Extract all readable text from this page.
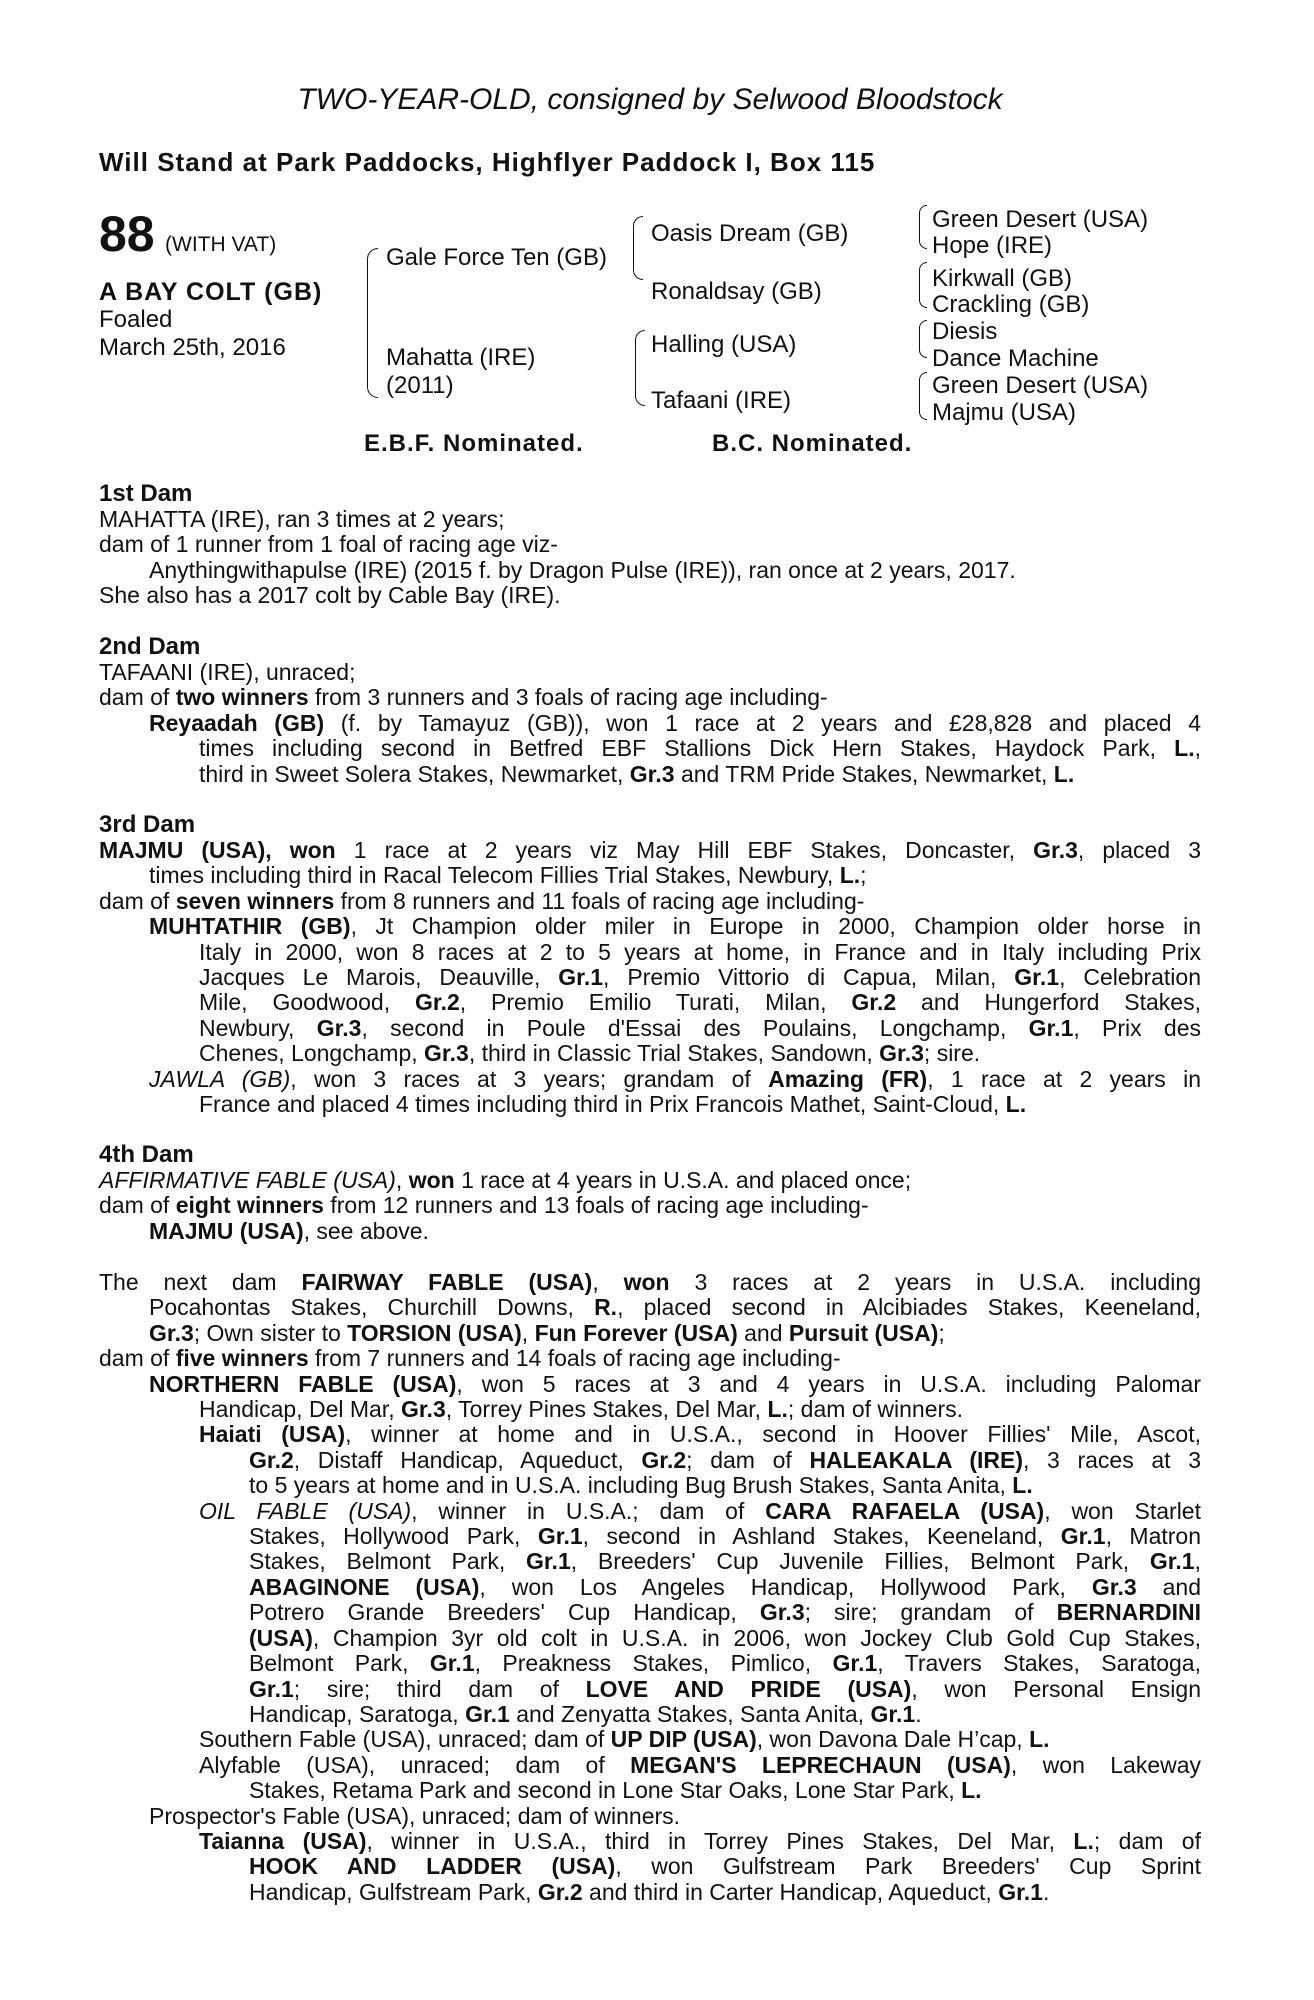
TWO-YEAR-OLD, consigned by Selwood Bloodstock
Will Stand at Park Paddocks, Highflyer Paddock I, Box 115
88 (WITH VAT)
A BAY COLT (GB)
Foaled
March 25th, 2016
Gale Force Ten (GB)
Mahatta (IRE)
(2011)
Oasis Dream (GB)
Ronaldsay (GB)
Halling (USA)
Tafaani (IRE)
Green Desert (USA)
Hope (IRE)
Kirkwall (GB)
Crackling (GB)
Diesis
Dance Machine
Green Desert (USA)
Majmu (USA)
E.B.F. Nominated.	B.C. Nominated.
1st Dam
MAHATTA (IRE), ran 3 times at 2 years;
dam of 1 runner from 1 foal of racing age viz-
Anythingwithapulse (IRE) (2015 f. by Dragon Pulse (IRE)), ran once at 2 years, 2017.
She also has a 2017 colt by Cable Bay (IRE).
2nd Dam
TAFAANI (IRE), unraced;
dam of two winners from 3 runners and 3 foals of racing age including-
Reyaadah (GB) (f. by Tamayuz (GB)), won 1 race at 2 years and £28,828 and placed 4
times including second in Betfred EBF Stallions Dick Hern Stakes, Haydock Park, L.,
third in Sweet Solera Stakes, Newmarket, Gr.3 and TRM Pride Stakes, Newmarket, L.
3rd Dam
MAJMU (USA), won 1 race at 2 years viz May Hill EBF Stakes, Doncaster, Gr.3, placed 3
times including third in Racal Telecom Fillies Trial Stakes, Newbury, L.;
dam of seven winners from 8 runners and 11 foals of racing age including-
MUHTATHIR (GB), Jt Champion older miler in Europe in 2000, Champion older horse in
Italy in 2000, won 8 races at 2 to 5 years at home, in France and in Italy including Prix
Jacques Le Marois, Deauville, Gr.1, Premio Vittorio di Capua, Milan, Gr.1, Celebration
Mile, Goodwood, Gr.2, Premio Emilio Turati, Milan, Gr.2 and Hungerford Stakes,
Newbury, Gr.3, second in Poule d'Essai des Poulains, Longchamp, Gr.1, Prix des
Chenes, Longchamp, Gr.3, third in Classic Trial Stakes, Sandown, Gr.3; sire.
JAWLA (GB), won 3 races at 3 years; grandam of Amazing (FR), 1 race at 2 years in
France and placed 4 times including third in Prix Francois Mathet, Saint-Cloud, L.
4th Dam
AFFIRMATIVE FABLE (USA), won 1 race at 4 years in U.S.A. and placed once;
dam of eight winners from 12 runners and 13 foals of racing age including-
MAJMU (USA), see above.
The next dam FAIRWAY FABLE (USA), won 3 races at 2 years in U.S.A. including
Pocahontas Stakes, Churchill Downs, R., placed second in Alcibiades Stakes, Keeneland,
Gr.3; Own sister to TORSION (USA), Fun Forever (USA) and Pursuit (USA);
dam of five winners from 7 runners and 14 foals of racing age including-
NORTHERN FABLE (USA), won 5 races at 3 and 4 years in U.S.A. including Palomar
Handicap, Del Mar, Gr.3, Torrey Pines Stakes, Del Mar, L.; dam of winners.
Haiati (USA), winner at home and in U.S.A., second in Hoover Fillies' Mile, Ascot,
Gr.2, Distaff Handicap, Aqueduct, Gr.2; dam of HALEAKALA (IRE), 3 races at 3
to 5 years at home and in U.S.A. including Bug Brush Stakes, Santa Anita, L.
OIL FABLE (USA), winner in U.S.A.; dam of CARA RAFAELA (USA), won Starlet
Stakes, Hollywood Park, Gr.1, second in Ashland Stakes, Keeneland, Gr.1, Matron
Stakes, Belmont Park, Gr.1, Breeders' Cup Juvenile Fillies, Belmont Park, Gr.1,
ABAGINONE (USA), won Los Angeles Handicap, Hollywood Park, Gr.3 and
Potrero Grande Breeders' Cup Handicap, Gr.3; sire; grandam of BERNARDINI
(USA), Champion 3yr old colt in U.S.A. in 2006, won Jockey Club Gold Cup Stakes,
Belmont Park, Gr.1, Preakness Stakes, Pimlico, Gr.1, Travers Stakes, Saratoga,
Gr.1; sire; third dam of LOVE AND PRIDE (USA), won Personal Ensign
Handicap, Saratoga, Gr.1 and Zenyatta Stakes, Santa Anita, Gr.1.
Southern Fable (USA), unraced; dam of UP DIP (USA), won Davona Dale H’cap, L.
Alyfable (USA), unraced; dam of MEGAN'S LEPRECHAUN (USA), won Lakeway
Stakes, Retama Park and second in Lone Star Oaks, Lone Star Park, L.
Prospector's Fable (USA), unraced; dam of winners.
Taianna (USA), winner in U.S.A., third in Torrey Pines Stakes, Del Mar, L.; dam of
HOOK AND LADDER (USA), won Gulfstream Park Breeders' Cup Sprint
Handicap, Gulfstream Park, Gr.2 and third in Carter Handicap, Aqueduct, Gr.1.
